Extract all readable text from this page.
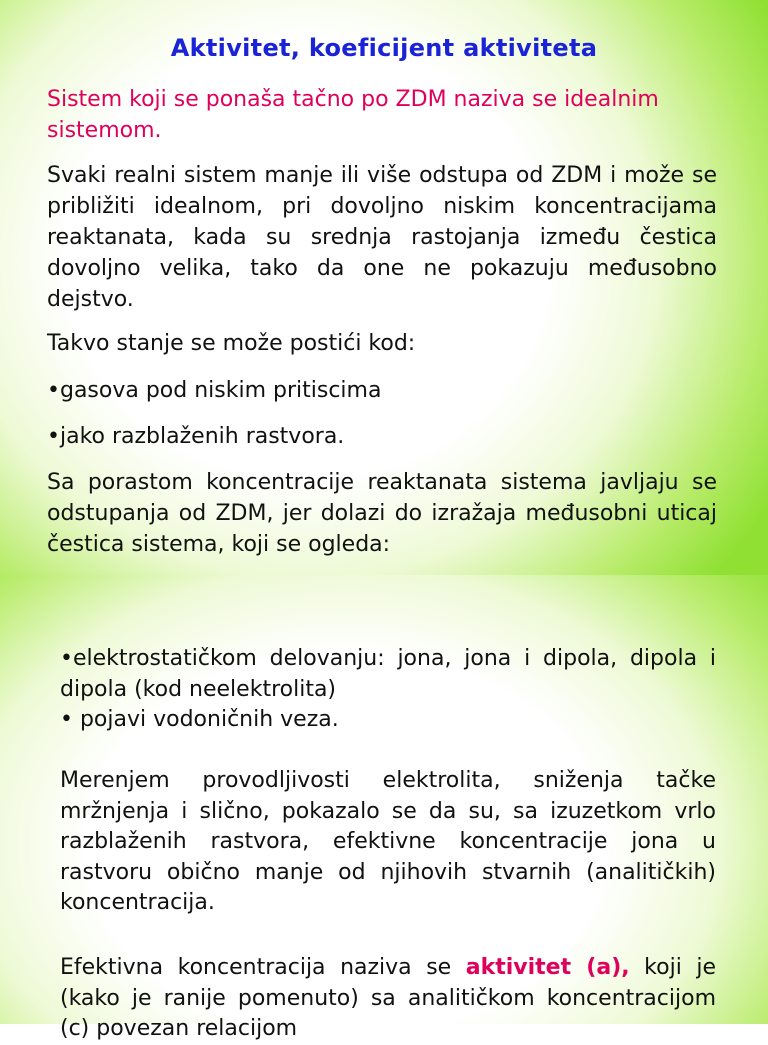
Aktivitet, koeficijent aktiviteta
Sistem koji se ponaša tačno po ZDM naziva se idealnim sistemom.
Svaki realni sistem manje ili više odstupa od ZDM i može se približiti idealnom, pri dovoljno niskim koncentracijama reaktanata, kada su srednja rastojanja između čestica dovoljno velika, tako da one ne pokazuju međusobno dejstvo.
Takvo stanje se može postići kod:
•gasova pod niskim pritiscima
•jako razblaženih rastvora.
Sa porastom koncentracije reaktanata sistema javljaju se odstupanja od ZDM, jer dolazi do izražaja međusobni uticaj čestica sistema, koji se ogleda:
•elektrostatičkom delovanju: jona, jona i dipola, dipola i dipola (kod neelektrolita)
• pojavi vodoničnih veza.
Merenjem provodljivosti elektrolita, sniženja tačke mržnjenja i slično, pokazalo se da su, sa izuzetkom vrlo razblaženih rastvora, efektivne koncentracije jona u rastvoru obično manje od njihovih stvarnih (analitičkih) koncentracija.
Efektivna koncentracija naziva se aktivitet (a), koji je (kako je ranije pomenuto) sa analitičkom koncentracijom (c) povezan relacijom
